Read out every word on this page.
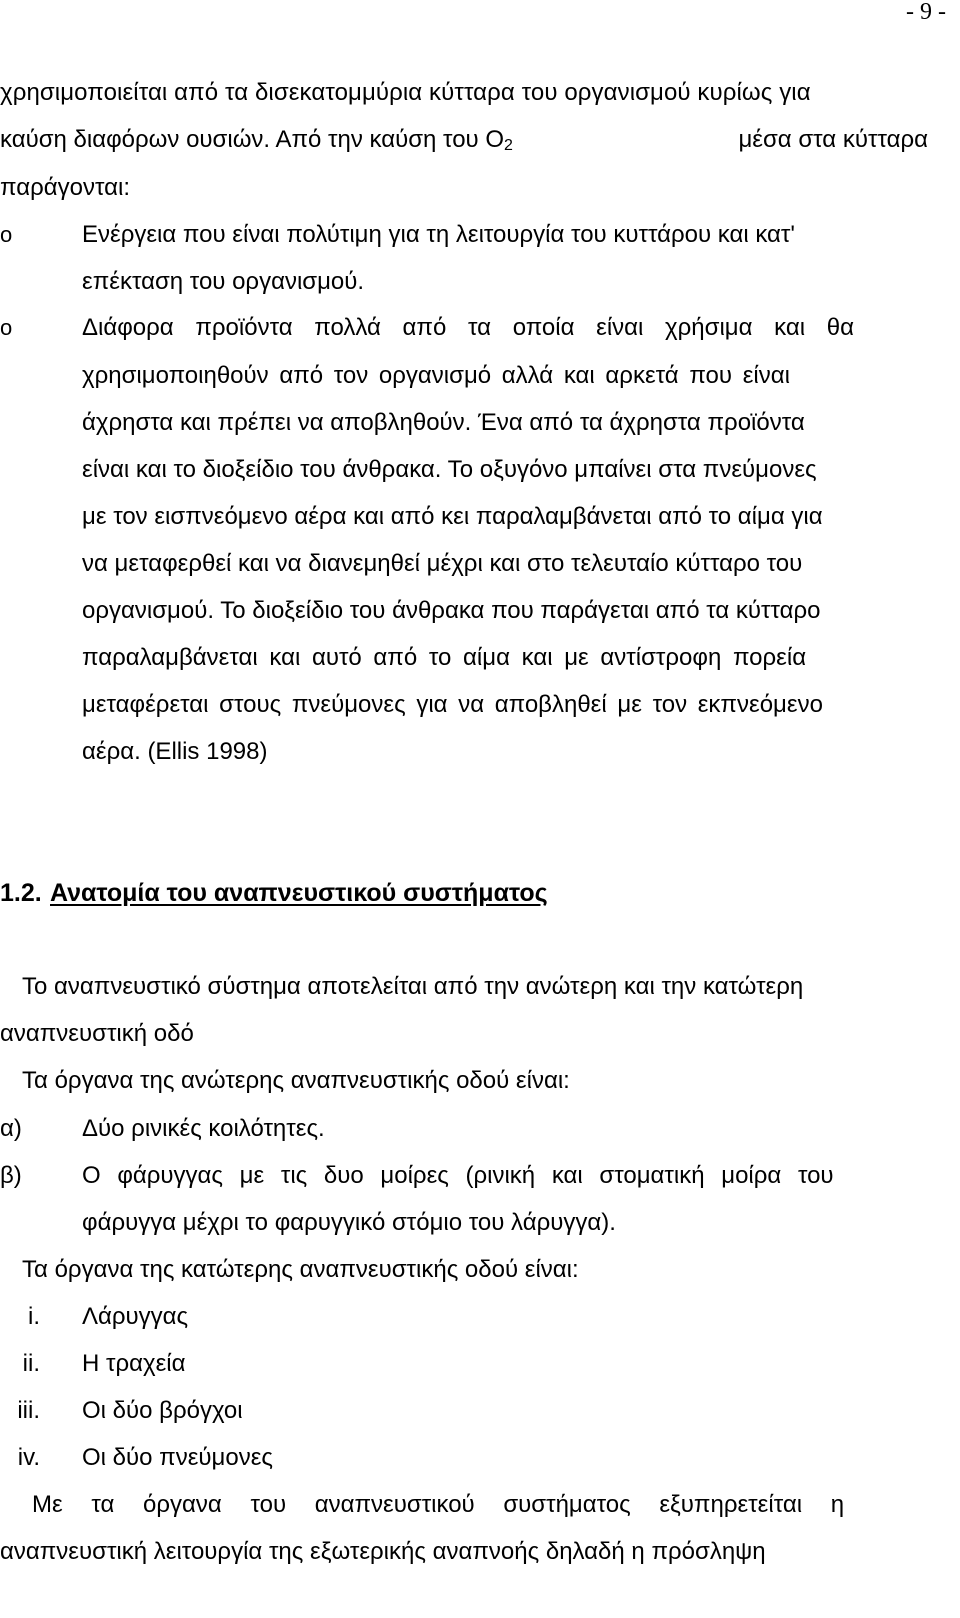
- 9 -
χρησιμοποιείται από τα δισεκατομμύρια κύτταρα του οργανισμού κυρίως για
καύση διαφόρων ουσιών. Από την καύση του $O_2$	μέσα στα κύτταρα
παράγονται:
o	Ενέργεια που είναι πολύτιμη για τη λειτουργία του κυττάρου και κατ'
επέκταση του οργανισμού.
o	Διάφορα προϊόντα πολλά από τα οποία είναι χρήσιμα και θα
χρησιμοποιηθούν από τον οργανισμό αλλά και αρκετά που είναι
άχρηστα και πρέπει να αποβληθούν. Ένα από τα άχρηστα προϊόντα
είναι και το διοξείδιο του άνθρακα. Το οξυγόνο μπαίνει στα πνεύμονες
με τον εισπνεόμενο αέρα και από κει παραλαμβάνεται από το αίμα για
να μεταφερθεί και να διανεμηθεί μέχρι και στο τελευταίο κύτταρο του
οργανισμού. Το διοξείδιο του άνθρακα που παράγεται από τα κύτταρο
παραλαμβάνεται και αυτό από το αίμα και με αντίστροφη πορεία
μεταφέρεται στους πνεύμονες για να αποβληθεί με τον εκπνεόμενο
αέρα. (Ellis 1998)
1.2. Ανατομία του αναπνευστικού συστήματος
Το αναπνευστικό σύστημα αποτελείται από την ανώτερη και την κατώτερη
αναπνευστική οδό
Τα όργανα της ανώτερης αναπνευστικής οδού είναι:
α)	Δύο ρινικές κοιλότητες.
β)	Ο φάρυγγας με τις δυο μοίρες (ρινική και στοματική μοίρα του
φάρυγγα μέχρι το φαρυγγικό στόμιο του λάρυγγα).
Τα όργανα της κατώτερης αναπνευστικής οδού είναι:
i. Λάρυγγας
ii. Η τραχεία
iii. Οι δύο βρόγχοι
iv. Οι δύο πνεύμονες
Με τα όργανα του αναπνευστικού συστήματος εξυπηρετείται η
αναπνευστική λειτουργία της εξωτερικής αναπνοής δηλαδή η πρόσληψη
